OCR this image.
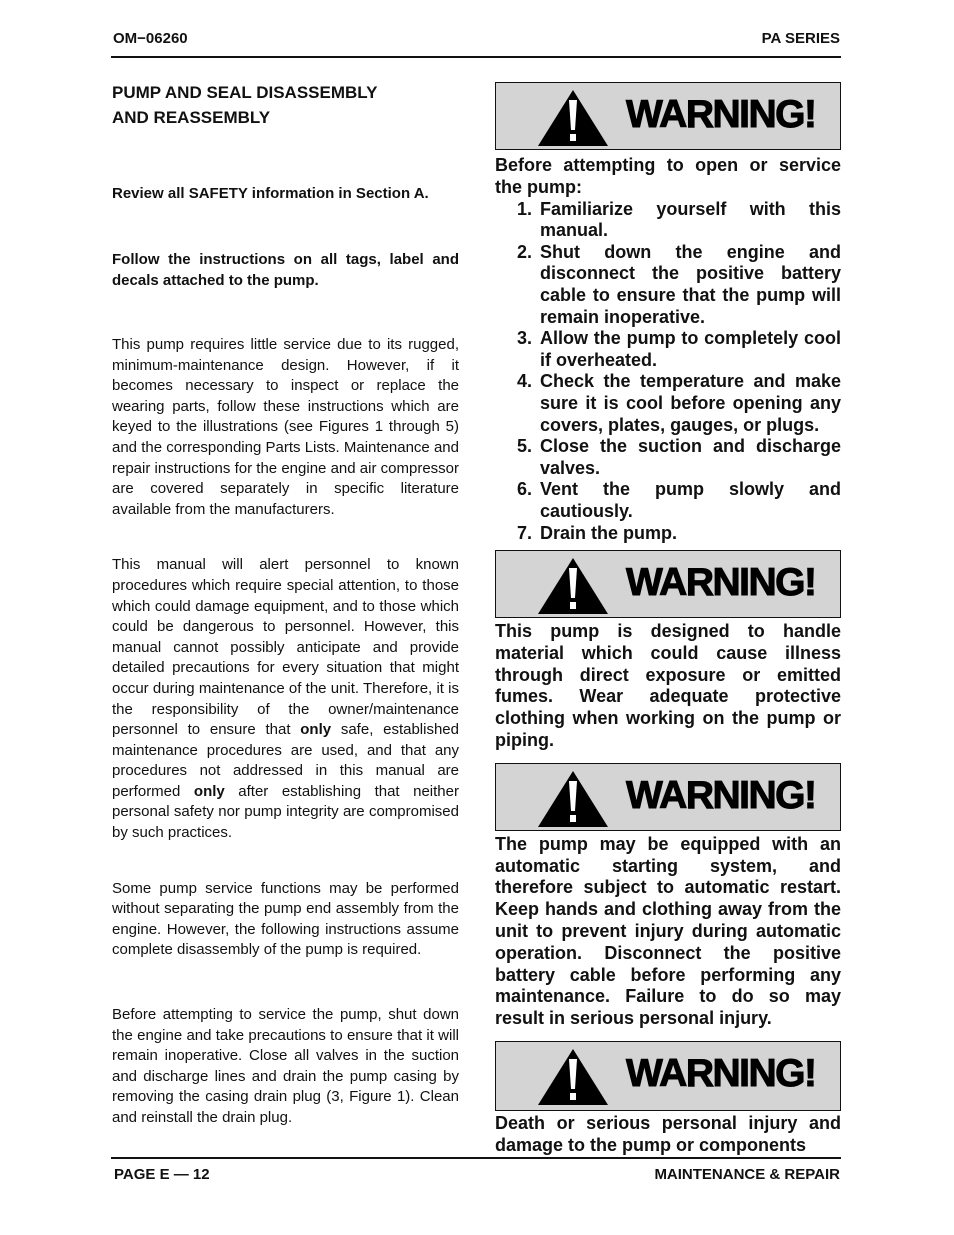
OM−06260	PA SERIES
PUMP AND SEAL DISASSEMBLY
AND REASSEMBLY

Review all SAFETY information in Section A.

Follow the instructions on all tags, label and decals attached to the pump.

This pump requires little service due to its rugged, minimum-maintenance design. However, if it becomes necessary to inspect or replace the wearing parts, follow these instructions which are keyed to the illustrations (see Figures 1 through 5) and the corresponding Parts Lists. Maintenance and repair instructions for the engine and air compressor are covered separately in specific literature available from the manufacturers.

This manual will alert personnel to known procedures which require special attention, to those which could damage equipment, and to those which could be dangerous to personnel. However, this manual cannot possibly anticipate and provide detailed precautions for every situation that might occur during maintenance of the unit. Therefore, it is the responsibility of the owner/maintenance personnel to ensure that only safe, established maintenance procedures are used, and that any procedures not addressed in this manual are performed only after establishing that neither personal safety nor pump integrity are compromised by such practices.

Some pump service functions may be performed without separating the pump end assembly from the engine. However, the following instructions assume complete disassembly of the pump is required.

Before attempting to service the pump, shut down the engine and take precautions to ensure that it will remain inoperative. Close all valves in the suction and discharge lines and drain the pump casing by removing the casing drain plug (3, Figure 1). Clean and reinstall the drain plug.

WARNING!

Before attempting to open or service the pump:

1. Familiarize yourself with this manual.
2. Shut down the engine and disconnect the positive battery cable to ensure that the pump will remain inoperative.
3. Allow the pump to completely cool if overheated.
4. Check the temperature and make sure it is cool before opening any covers, plates, gauges, or plugs.
5. Close the suction and discharge valves.
6. Vent the pump slowly and cautiously.
7. Drain the pump.
WARNING!

This pump is designed to handle material which could cause illness through direct exposure or emitted fumes. Wear adequate protective clothing when working on the pump or piping.

WARNING!

The pump may be equipped with an automatic starting system, and therefore subject to automatic restart. Keep hands and clothing away from the unit to prevent injury during automatic operation. Disconnect the positive battery cable before performing any maintenance. Failure to do so may result in serious personal injury.

WARNING!

Death or serious personal injury and damage to the pump or components

PAGE E — 12	MAINTENANCE & REPAIR
